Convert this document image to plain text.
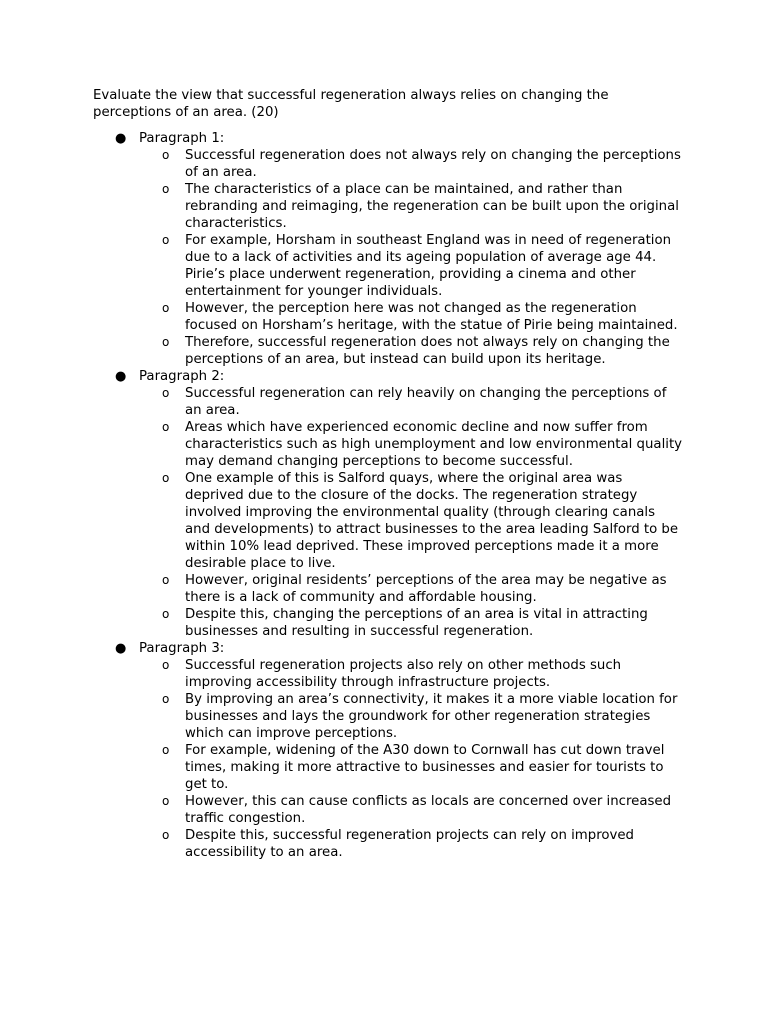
Evaluate the view that successful regeneration always relies on changing the perceptions of an area. (20)

● Paragraph 1:
o Successful regeneration does not always rely on changing the perceptions of an area.
o The characteristics of a place can be maintained, and rather than rebranding and reimaging, the regeneration can be built upon the original characteristics.
o For example, Horsham in southeast England was in need of regeneration due to a lack of activities and its ageing population of average age 44. Pirie’s place underwent regeneration, providing a cinema and other entertainment for younger individuals.
o However, the perception here was not changed as the regeneration focused on Horsham’s heritage, with the statue of Pirie being maintained.
o Therefore, successful regeneration does not always rely on changing the perceptions of an area, but instead can build upon its heritage.
● Paragraph 2:
o Successful regeneration can rely heavily on changing the perceptions of an area.
o Areas which have experienced economic decline and now suffer from characteristics such as high unemployment and low environmental quality may demand changing perceptions to become successful.
o One example of this is Salford quays, where the original area was deprived due to the closure of the docks. The regeneration strategy involved improving the environmental quality (through clearing canals and developments) to attract businesses to the area leading Salford to be within 10% lead deprived. These improved perceptions made it a more desirable place to live.
o However, original residents’ perceptions of the area may be negative as there is a lack of community and affordable housing.
o Despite this, changing the perceptions of an area is vital in attracting businesses and resulting in successful regeneration.
● Paragraph 3:
o Successful regeneration projects also rely on other methods such improving accessibility through infrastructure projects.
o By improving an area’s connectivity, it makes it a more viable location for businesses and lays the groundwork for other regeneration strategies which can improve perceptions.
o For example, widening of the A30 down to Cornwall has cut down travel times, making it more attractive to businesses and easier for tourists to get to.
o However, this can cause conflicts as locals are concerned over increased traffic congestion.
o Despite this, successful regeneration projects can rely on improved accessibility to an area.
